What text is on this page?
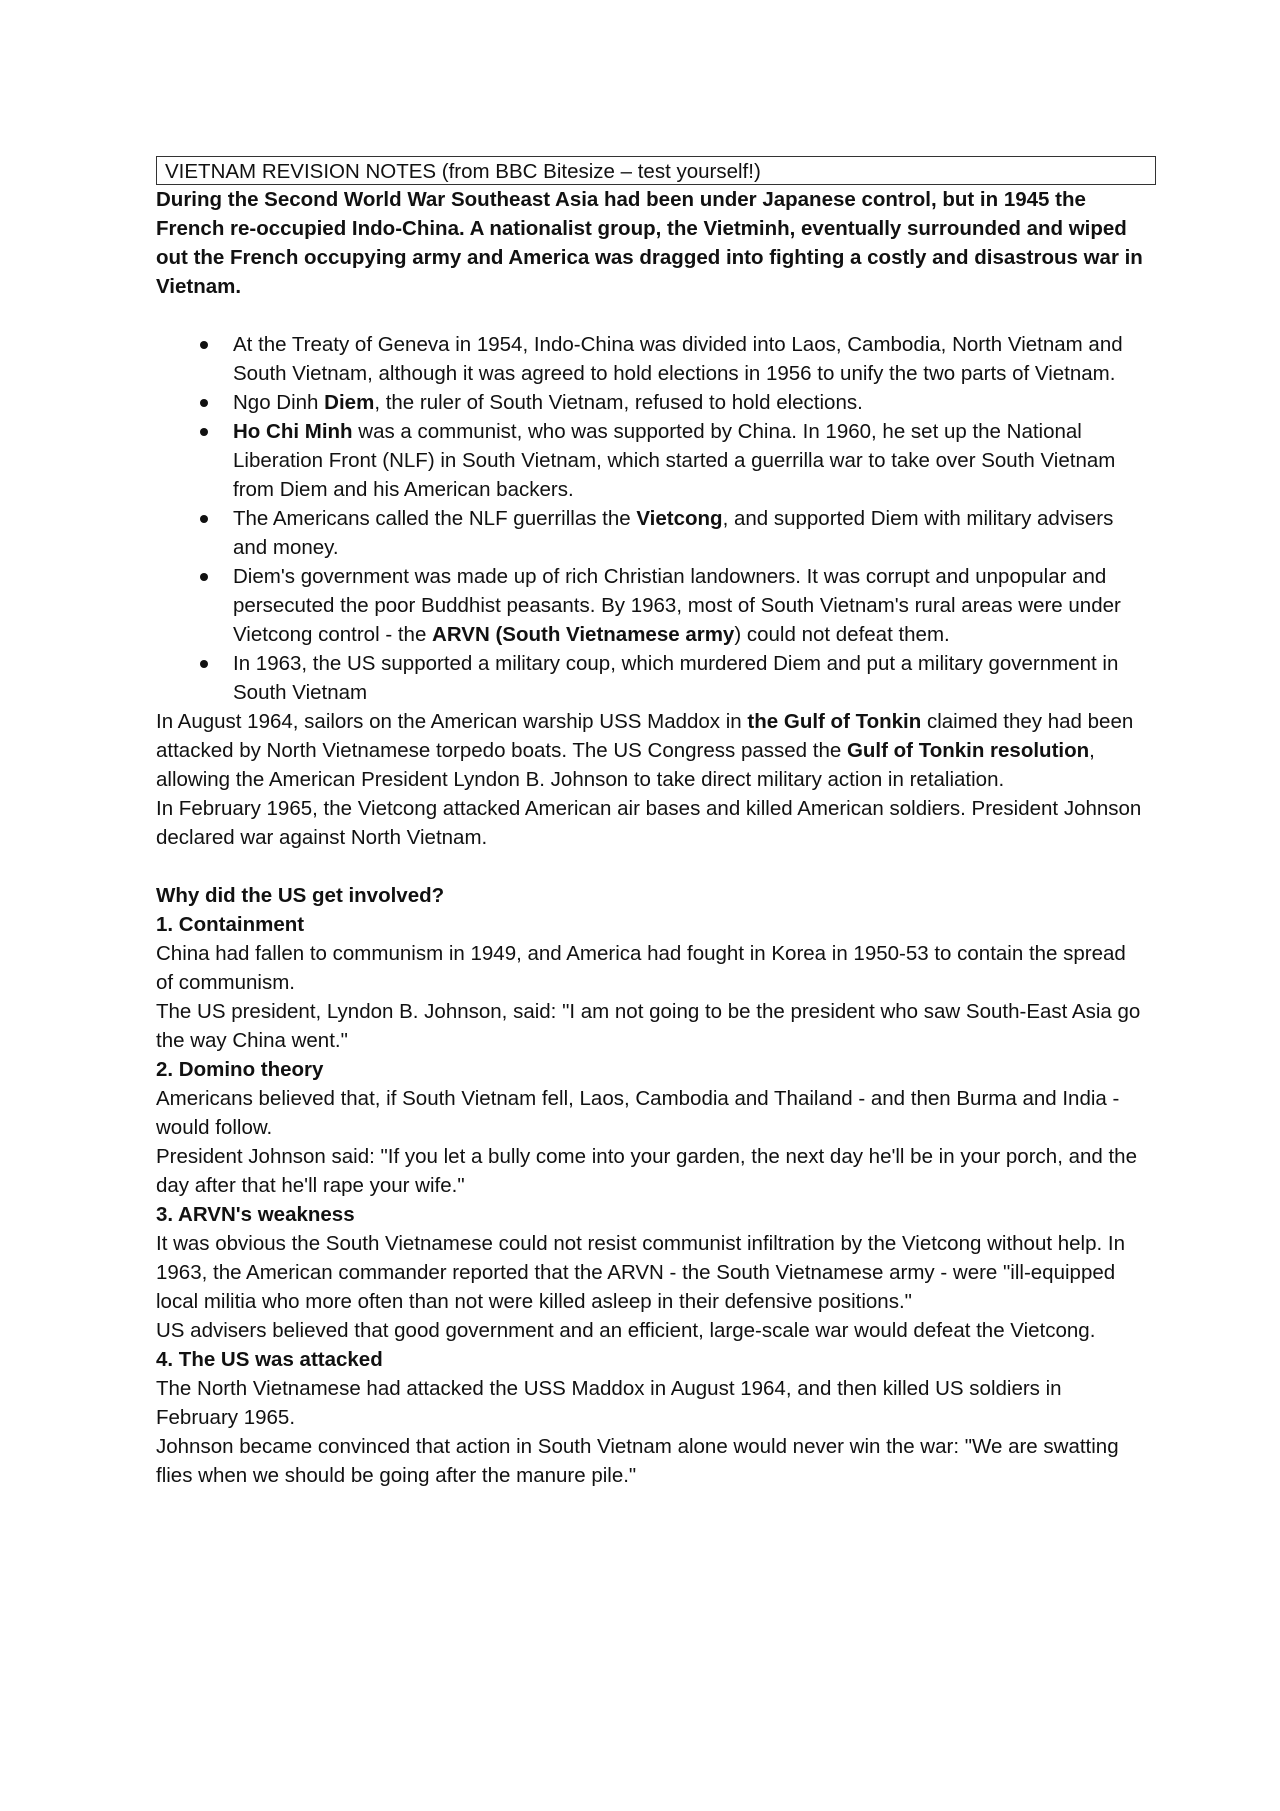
VIETNAM REVISION NOTES (from BBC Bitesize – test yourself!)

During the Second World War Southeast Asia had been under Japanese control, but in 1945 the French re-occupied Indo-China. A nationalist group, the Vietminh, eventually surrounded and wiped out the French occupying army and America was dragged into fighting a costly and disastrous war in Vietnam.

At the Treaty of Geneva in 1954, Indo-China was divided into Laos, Cambodia, North Vietnam and South Vietnam, although it was agreed to hold elections in 1956 to unify the two parts of Vietnam.
Ngo Dinh Diem, the ruler of South Vietnam, refused to hold elections.
Ho Chi Minh was a communist, who was supported by China. In 1960, he set up the National Liberation Front (NLF) in South Vietnam, which started a guerrilla war to take over South Vietnam from Diem and his American backers.
The Americans called the NLF guerrillas the Vietcong, and supported Diem with military advisers and money.
Diem's government was made up of rich Christian landowners. It was corrupt and unpopular and persecuted the poor Buddhist peasants. By 1963, most of South Vietnam's rural areas were under Vietcong control - the ARVN (South Vietnamese army) could not defeat them.
In 1963, the US supported a military coup, which murdered Diem and put a military government in South Vietnam

In August 1964, sailors on the American warship USS Maddox in the Gulf of Tonkin claimed they had been attacked by North Vietnamese torpedo boats. The US Congress passed the Gulf of Tonkin resolution, allowing the American President Lyndon B. Johnson to take direct military action in retaliation.

In February 1965, the Vietcong attacked American air bases and killed American soldiers. President Johnson declared war against North Vietnam.

Why did the US get involved?

1. Containment

China had fallen to communism in 1949, and America had fought in Korea in 1950-53 to contain the spread of communism.

The US president, Lyndon B. Johnson, said: "I am not going to be the president who saw South-East Asia go the way China went."

2. Domino theory

Americans believed that, if South Vietnam fell, Laos, Cambodia and Thailand - and then Burma and India - would follow.

President Johnson said: "If you let a bully come into your garden, the next day he'll be in your porch, and the day after that he'll rape your wife."

3. ARVN's weakness

It was obvious the South Vietnamese could not resist communist infiltration by the Vietcong without help. In 1963, the American commander reported that the ARVN - the South Vietnamese army - were "ill-equipped local militia who more often than not were killed asleep in their defensive positions."

US advisers believed that good government and an efficient, large-scale war would defeat the Vietcong.

4. The US was attacked

The North Vietnamese had attacked the USS Maddox in August 1964, and then killed US soldiers in February 1965.

Johnson became convinced that action in South Vietnam alone would never win the war: "We are swatting flies when we should be going after the manure pile."
